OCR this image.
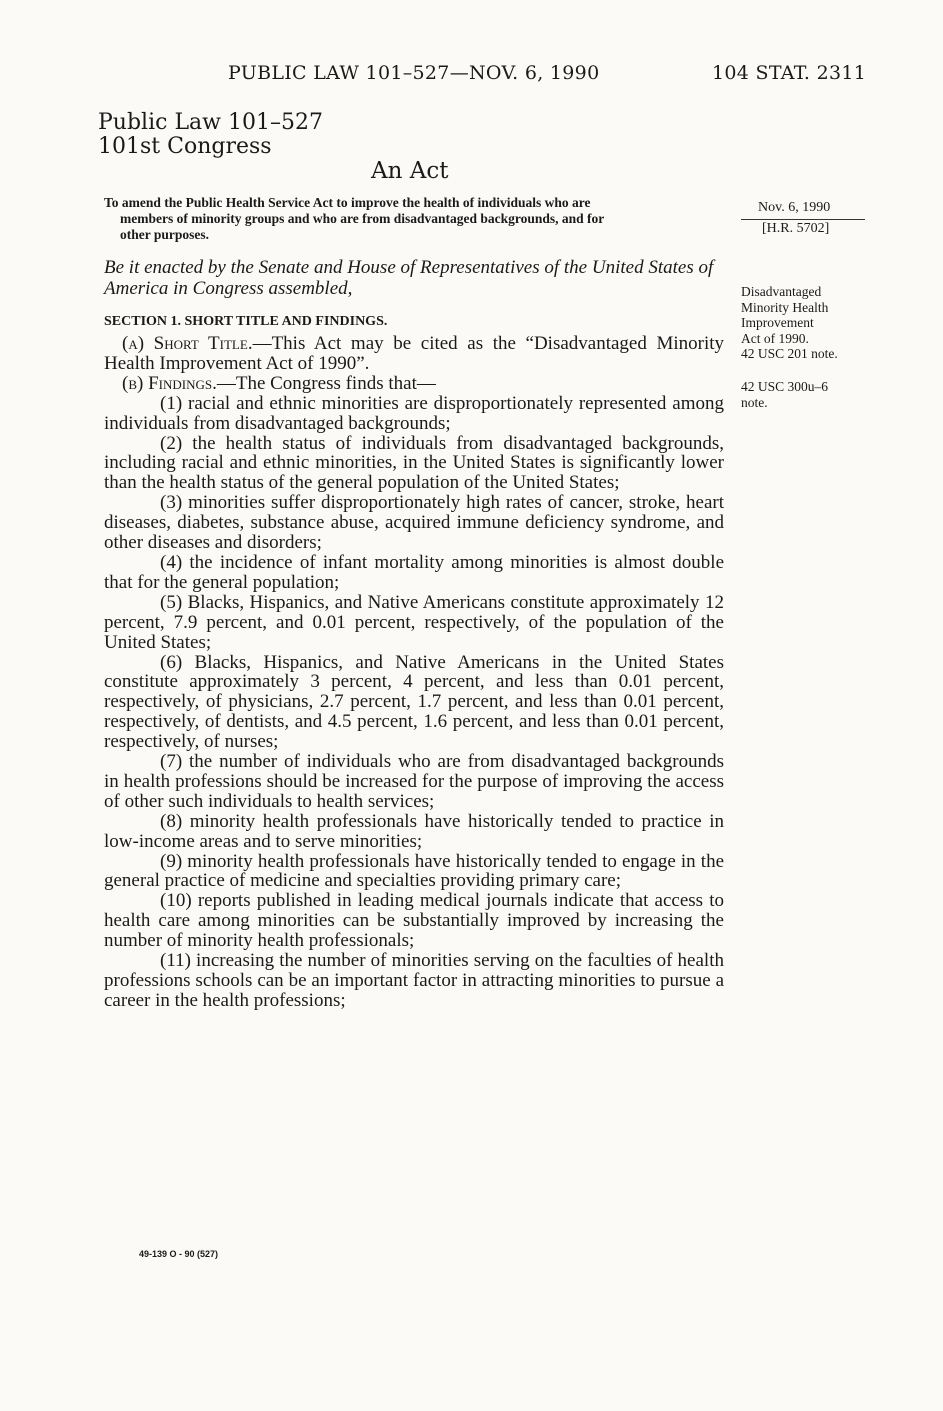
PUBLIC LAW 101–527—NOV. 6, 1990	104 STAT. 2311
Public Law 101–527
101st Congress
An Act
To amend the Public Health Service Act to improve the health of individuals who are
members of minority groups and who are from disadvantaged backgrounds, and for
other purposes.
Nov. 6, 1990
[H.R. 5702]
Disadvantaged
Minority Health
Improvement
Act of 1990.
42 USC 201 note.
42 USC 300u–6
note.
Be it enacted by the Senate and House of Representatives of the United States of America in Congress assembled,
SECTION 1. SHORT TITLE AND FINDINGS.

(a) Short Title.—This Act may be cited as the “Disadvantaged Minority Health Improvement Act of 1990”.

(b) Findings.—The Congress finds that—

(1) racial and ethnic minorities are disproportionately represented among individuals from disadvantaged backgrounds;

(2) the health status of individuals from disadvantaged backgrounds, including racial and ethnic minorities, in the United States is significantly lower than the health status of the general population of the United States;

(3) minorities suffer disproportionately high rates of cancer, stroke, heart diseases, diabetes, substance abuse, acquired immune deficiency syndrome, and other diseases and disorders;

(4) the incidence of infant mortality among minorities is almost double that for the general population;

(5) Blacks, Hispanics, and Native Americans constitute approximately 12 percent, 7.9 percent, and 0.01 percent, respectively, of the population of the United States;

(6) Blacks, Hispanics, and Native Americans in the United States constitute approximately 3 percent, 4 percent, and less than 0.01 percent, respectively, of physicians, 2.7 percent, 1.7 percent, and less than 0.01 percent, respectively, of dentists, and 4.5 percent, 1.6 percent, and less than 0.01 percent, respectively, of nurses;

(7) the number of individuals who are from disadvantaged backgrounds in health professions should be increased for the purpose of improving the access of other such individuals to health services;

(8) minority health professionals have historically tended to practice in low-income areas and to serve minorities;

(9) minority health professionals have historically tended to engage in the general practice of medicine and specialties providing primary care;

(10) reports published in leading medical journals indicate that access to health care among minorities can be substantially improved by increasing the number of minority health professionals;

(11) increasing the number of minorities serving on the faculties of health professions schools can be an important factor in attracting minorities to pursue a career in the health professions;

49-139 O - 90 (527)
